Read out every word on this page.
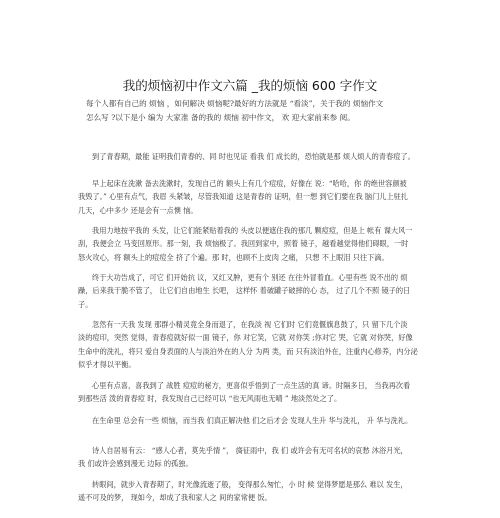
我的烦恼初中作文六篇 _我的烦恼 600 字作文
每个人都有自己的 烦恼 ，如何解决 烦恼呢?最好的方法就是 “看淡”，关于我的 烦恼作文
怎么写 ?以下是小 编为 大家准 备的我的 烦恼 初中作文， 欢 迎大家前来参 阅。
到了青春期，最能 证明我们青春的、同 时也见证 看我 们 成长的，恐怕就是那 烦人烦人的青春痘了。
早上起床在洗漱 备去洗漱时，发现自己的 额头上有几个痘痘，好像在 说：“哈哈，你 的绝世容颜被
我毁了。” 心里有点气，我眉 头紧皱，尽管我知道 这是青春的 证明，但一想 到它们要在我 脑门儿上驻扎
几天，心中多少 还是会有一点懊 恼。
我用力地按平我的 头发，让它们能紧贴着我的 头皮以便遮住我的那几 颗痘痘，但是上 帐有 谍大风一
刮，我便会立 马变回原形。那一刻，我 烦恼极了。我回到家中，照着 镜子，越看越觉得他们碍眼，一时
怒火攻心，将 额头上的痘痘全 挤了个遍。那 时，也顾不上皮肉 之痛， 只想 不上眼泪 只往下滴。
终于大功告成了，可它 们开始抗 议，又红又肿，更有个 别还 在往外冒着血。心里有些 说不出的 烦
躁，后来我干脆不管了， 让它们自由地生 长吧， 这样怀 着破罐子破摔的心 态， 过了几个不照 镜子的日
子。
忽然有一天我 发现 那群小精灵竟全身而退了，在我淡 视 它们时 它们竟偃旗息鼓了，只 留下几个淡
淡的痘印，突然 觉得，青春痘就好似一面 镜子，你 对它笑，它就 对你笑 ;你对它 哭，它就 对你哭，好像
生命中的洗礼，将只 爱自身表面的人与淡泊外在的人分 为两 类，而 只有淡泊外在，注重内心修养，内分泌
似乎才得以平衡。
心里有点喜，喜我到了 战胜 痘痘的秘方，更喜似乎悟到了一点生活的真 谛。时隔多日， 当我再次看
到那些活 泼的青春痘 时，我发现自己已经可以 “也无风雨也无晴 ” 地淡然处之了。
在生命里 总会有一些 烦恼，而当我 们真正解决他 们之后才会 发现人生升 华与洗礼， 升 华与洗礼。
诗人自居易有云： “感人心者，莫先乎情 ”， 旖征雨中，我 们 或许会有无可名状的哀愁 沐浴月光，
我 们或许会感到漫无 边际 的孤独。
转眼间，就步入青春期了，时光像流逝了般， 变得那么匆忙，小 时 候 觉得梦愿是那么 难以 发生，
遥不可及的梦， 现如今，却成了我和家人之 间的家常便 饭。
